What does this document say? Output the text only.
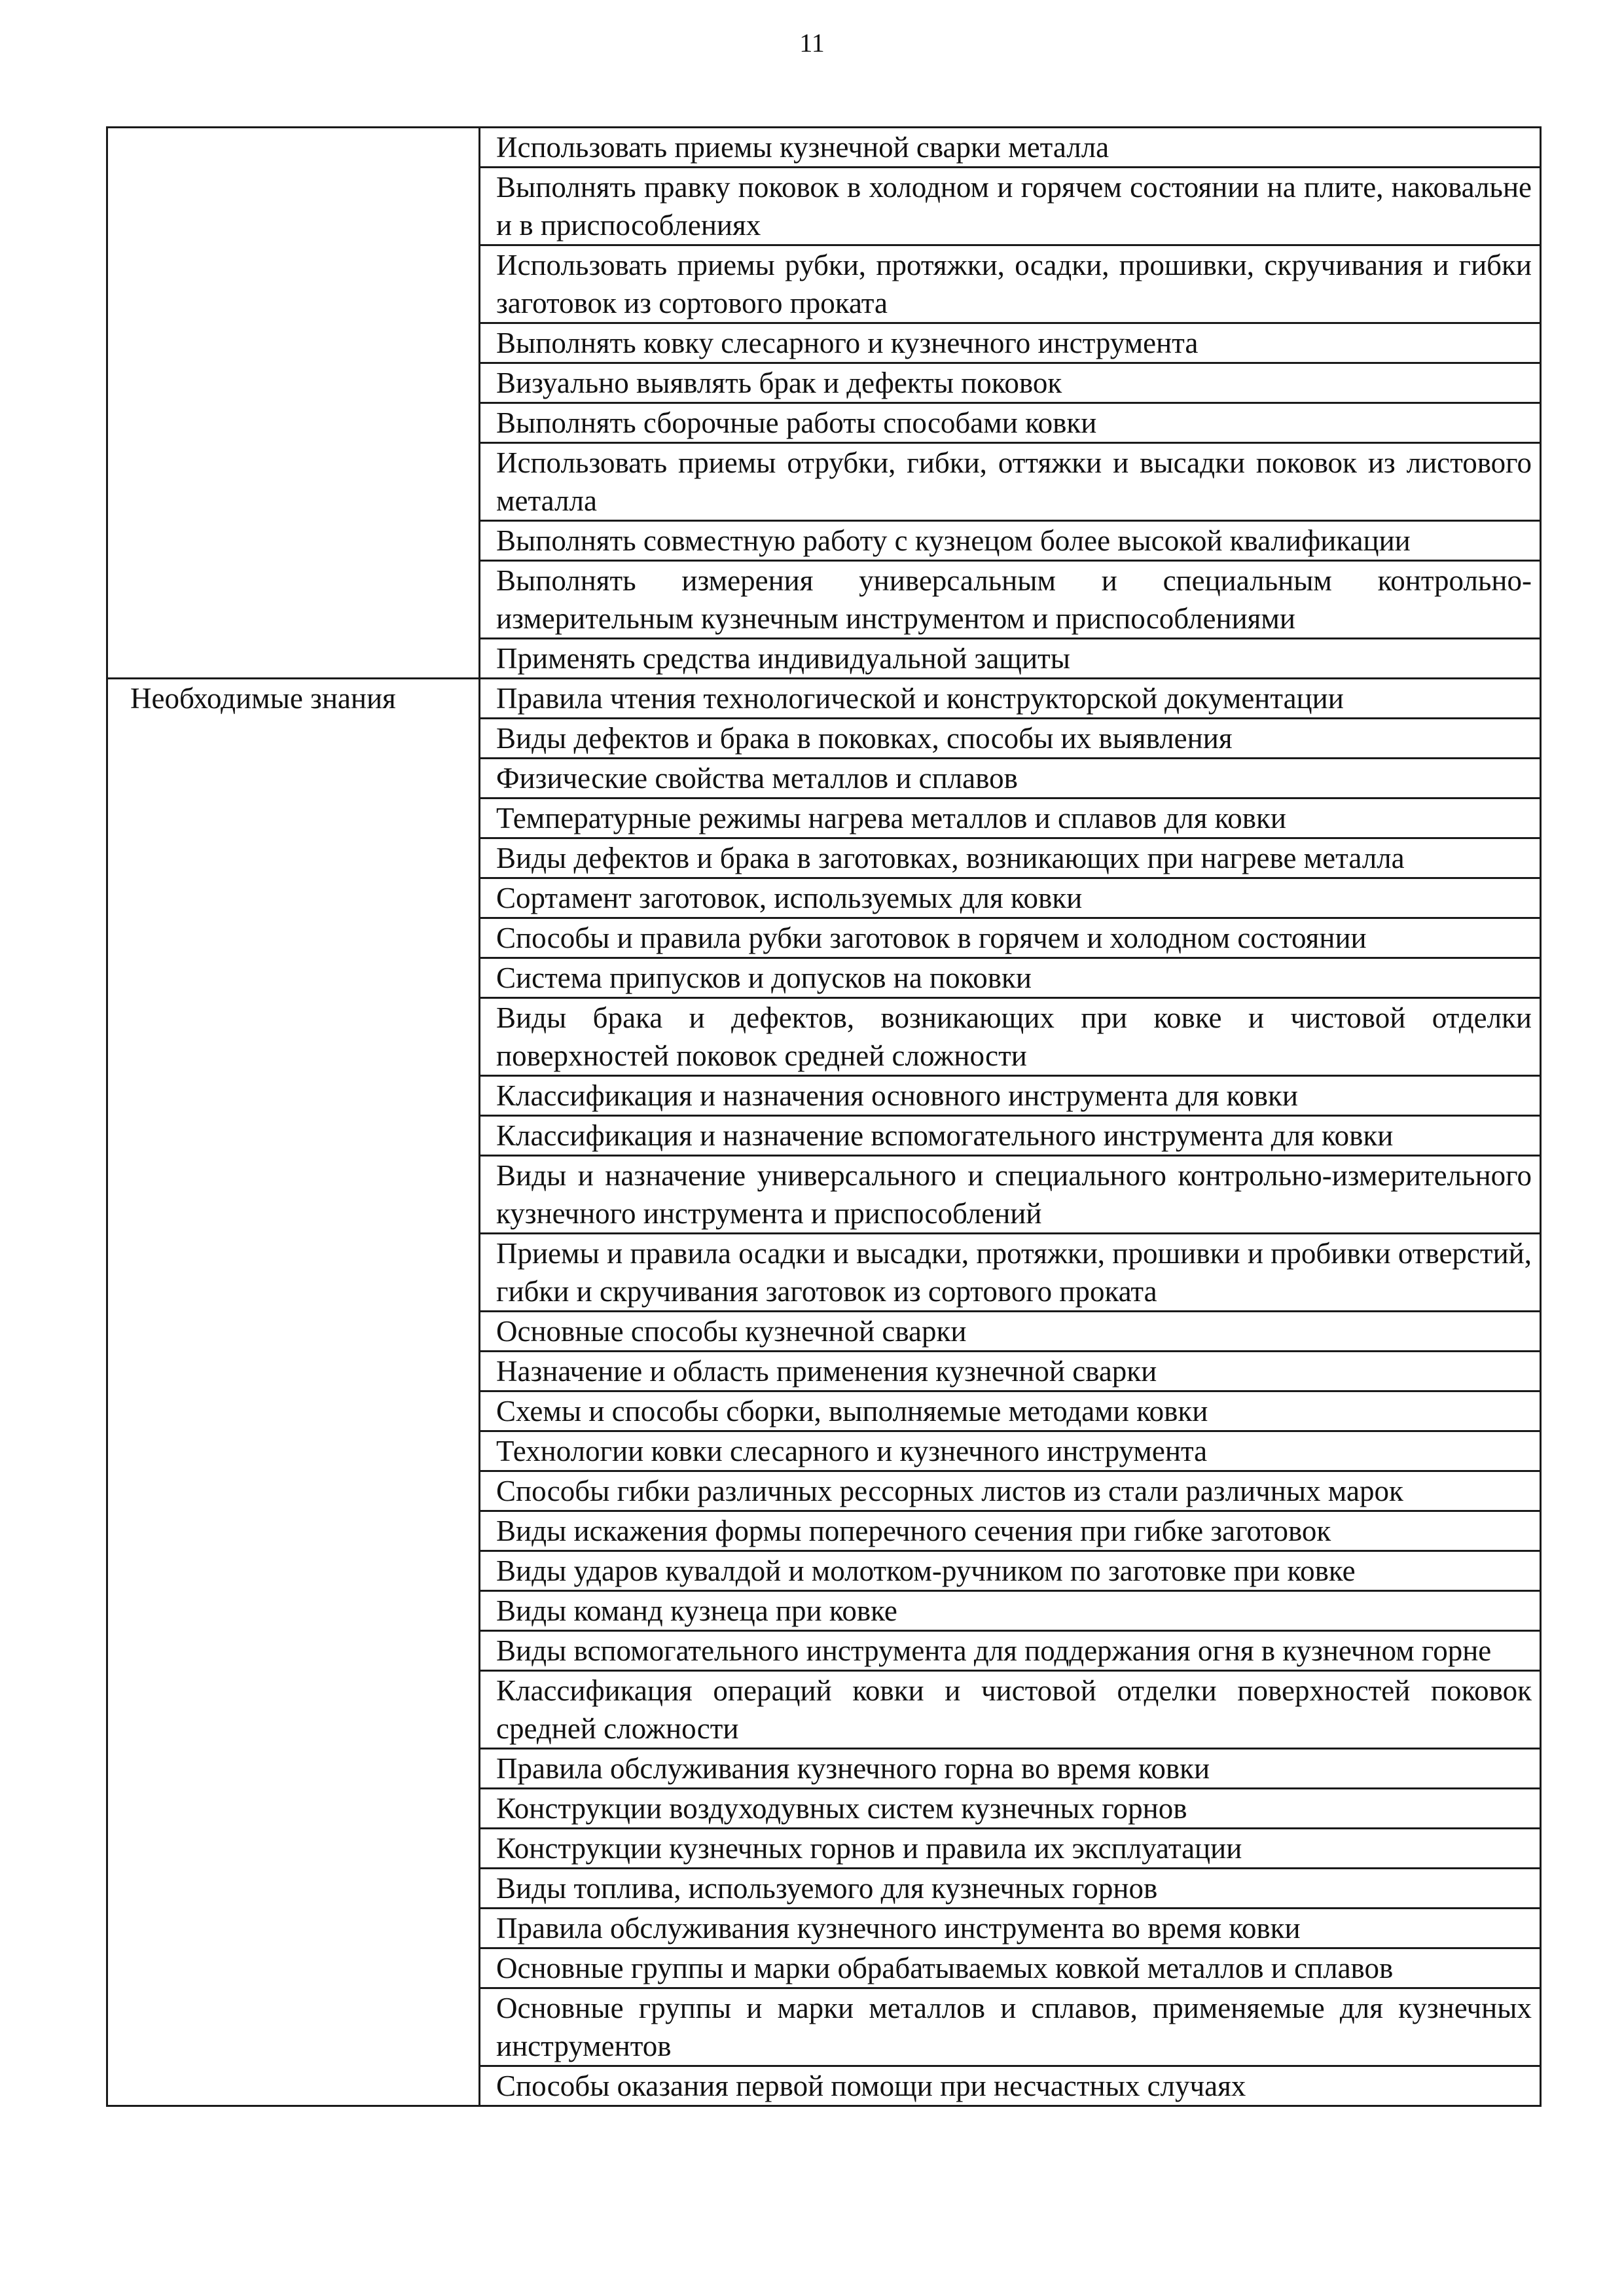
11
	Использовать приемы кузнечной сварки металла
	Выполнять правку поковок в холодном и горячем состоянии на плите, наковальне и в приспособлениях
	Использовать приемы рубки, протяжки, осадки, прошивки, скручивания и гибки заготовок из сортового проката
	Выполнять ковку слесарного и кузнечного инструмента
	Визуально выявлять брак и дефекты поковок
	Выполнять сборочные работы способами ковки
	Использовать приемы отрубки, гибки, оттяжки и высадки поковок из листового металла
	Выполнять совместную работу с кузнецом более высокой квалификации
	Выполнять измерения универсальным и специальным контрольно-измерительным кузнечным инструментом и приспособлениями
	Применять средства индивидуальной защиты
Необходимые знания	Правила чтения технологической и конструкторской документации
	Виды дефектов и брака в поковках, способы их выявления
	Физические свойства металлов и сплавов
	Температурные режимы нагрева металлов и сплавов для ковки
	Виды дефектов и брака в заготовках, возникающих при нагреве металла
	Сортамент заготовок, используемых для ковки
	Способы и правила рубки заготовок в горячем и холодном состоянии
	Система припусков и допусков на поковки
	Виды брака и дефектов, возникающих при ковке и чистовой отделки поверхностей поковок средней сложности
	Классификация и назначения основного инструмента для ковки
	Классификация и назначение вспомогательного инструмента для ковки
	Виды и назначение универсального и специального контрольно-измерительного кузнечного инструмента и приспособлений
	Приемы и правила осадки и высадки, протяжки, прошивки и пробивки отверстий, гибки и скручивания заготовок из сортового проката
	Основные способы кузнечной сварки
	Назначение и область применения кузнечной сварки
	Схемы и способы сборки, выполняемые методами ковки
	Технологии ковки слесарного и кузнечного инструмента
	Способы гибки различных рессорных листов из стали различных марок
	Виды искажения формы поперечного сечения при гибке заготовок
	Виды ударов кувалдой и молотком-ручником по заготовке при ковке
	Виды команд кузнеца при ковке
	Виды вспомогательного инструмента для поддержания огня в кузнечном горне
	Классификация операций ковки и чистовой отделки поверхностей поковок средней сложности
	Правила обслуживания кузнечного горна во время ковки
	Конструкции воздуходувных систем кузнечных горнов
	Конструкции кузнечных горнов и правила их эксплуатации
	Виды топлива, используемого для кузнечных горнов
	Правила обслуживания кузнечного инструмента во время ковки
	Основные группы и марки обрабатываемых ковкой металлов и сплавов
	Основные группы и марки металлов и сплавов, применяемые для кузнечных инструментов
	Способы оказания первой помощи при несчастных случаях
